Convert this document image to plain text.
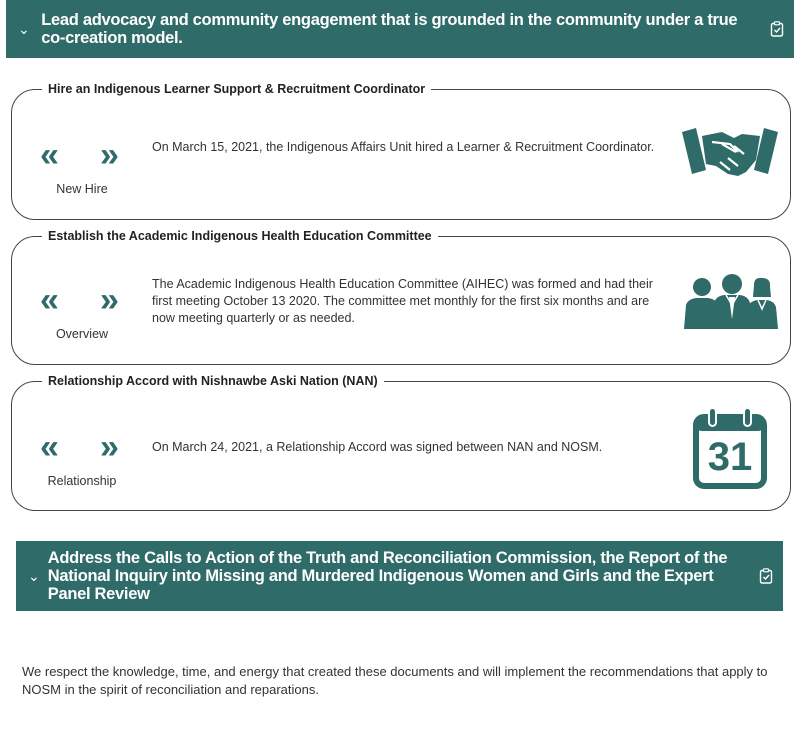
⌄ Lead advocacy and community engagement that is grounded in the community under a true co-creation model.
Hire an Indigenous Learner Support & Recruitment Coordinator
« »
New Hire
On March 15, 2021, the Indigenous Affairs Unit hired a Learner & Recruitment Coordinator.
Establish the Academic Indigenous Health Education Committee
« »
Overview
The Academic Indigenous Health Education Committee (AIHEC) was formed and had their first meeting October 13 2020. The committee met monthly for the first six months and are now meeting quarterly or as needed.
Relationship Accord with Nishnawbe Aski Nation (NAN)
« »
Relationship
On March 24, 2021, a Relationship Accord was signed between NAN and NOSM.	31
⌄
Address the Calls to Action of the Truth and Reconciliation Commission, the Report of the National Inquiry into Missing and Murdered Indigenous Women and Girls and the Expert Panel Review
We respect the knowledge, time, and energy that created these documents and will implement the recommendations that apply to NOSM in the spirit of reconciliation and reparations.
